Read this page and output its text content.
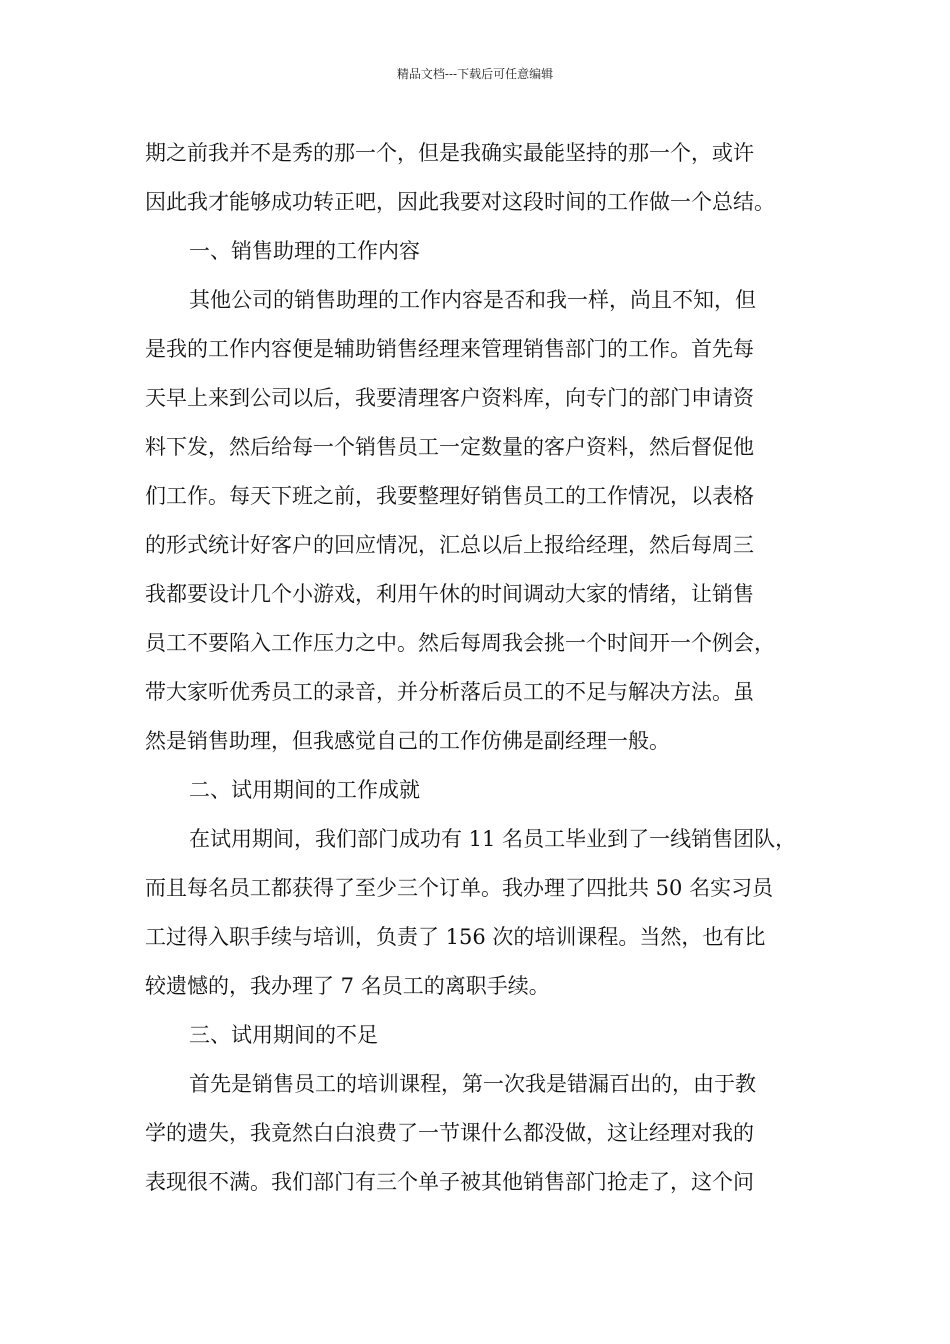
精品文档---下载后可任意编辑
期之前我并不是秀的那一个，但是我确实最能坚持的那一个，或许
因此我才能够成功转正吧，因此我要对这段时间的工作做一个总结。
一、销售助理的工作内容
其他公司的销售助理的工作内容是否和我一样，尚且不知，但
是我的工作内容便是辅助销售经理来管理销售部门的工作。首先每
天早上来到公司以后，我要清理客户资料库，向专门的部门申请资
料下发，然后给每一个销售员工一定数量的客户资料，然后督促他
们工作。每天下班之前，我要整理好销售员工的工作情况，以表格
的形式统计好客户的回应情况，汇总以后上报给经理，然后每周三
我都要设计几个小游戏，利用午休的时间调动大家的情绪，让销售
员工不要陷入工作压力之中。然后每周我会挑一个时间开一个例会，
带大家听优秀员工的录音，并分析落后员工的不足与解决方法。虽
然是销售助理，但我感觉自己的工作仿佛是副经理一般。
二、试用期间的工作成就
在试用期间，我们部门成功有 11 名员工毕业到了一线销售团队，
而且每名员工都获得了至少三个订单。我办理了四批共 50 名实习员
工过得入职手续与培训，负责了 156 次的培训课程。当然，也有比
较遗憾的，我办理了 7 名员工的离职手续。
三、试用期间的不足
首先是销售员工的培训课程，第一次我是错漏百出的，由于教
学的遗失，我竟然白白浪费了一节课什么都没做，这让经理对我的
表现很不满。我们部门有三个单子被其他销售部门抢走了，这个问
